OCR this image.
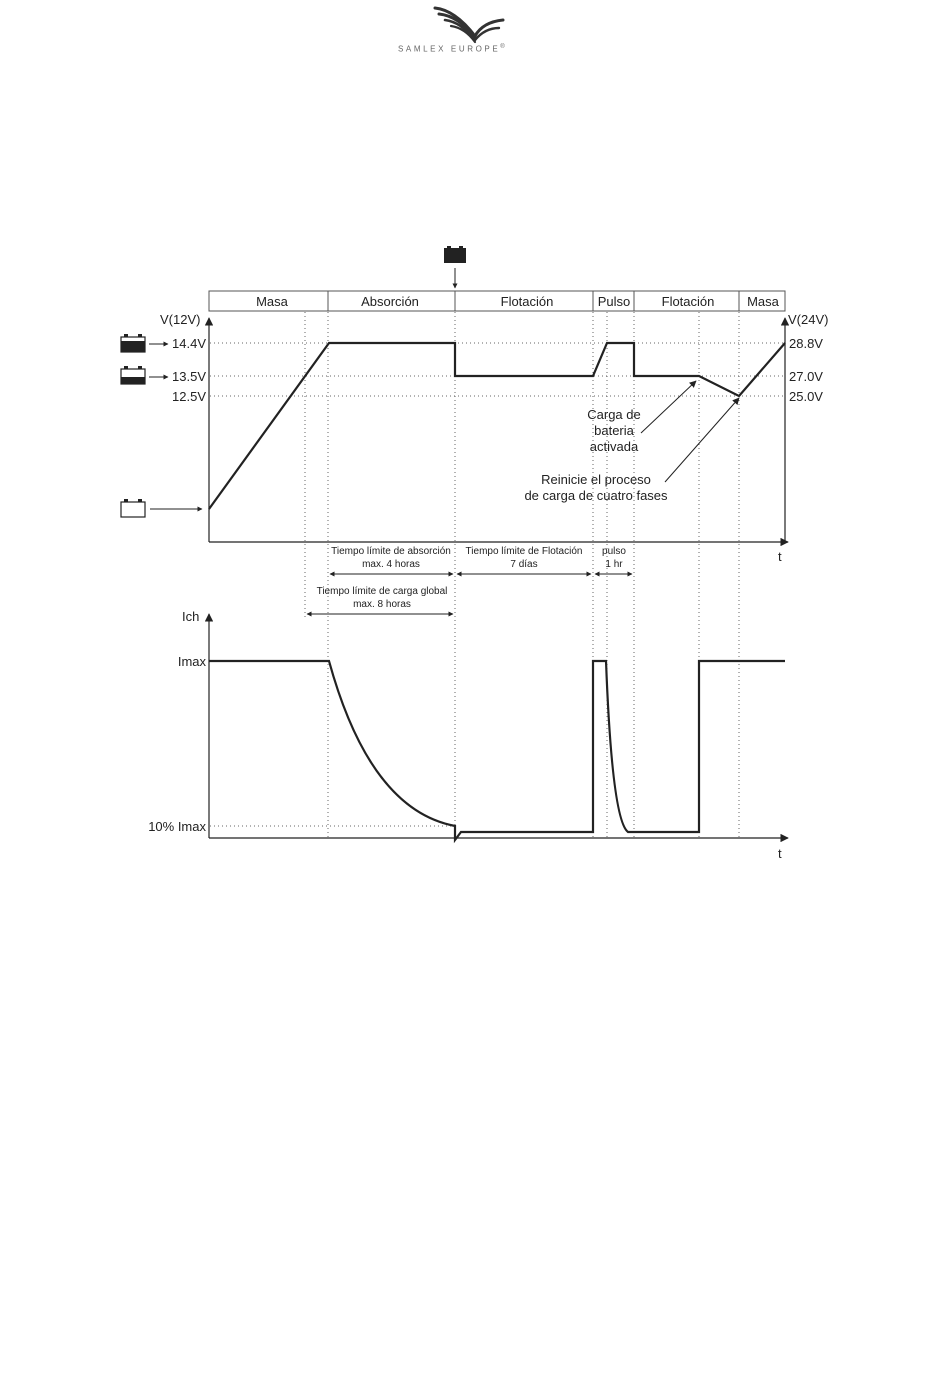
SAMLEX EUROPE®
Masa	Absorción	Flotación	Pulso Flotación	Masa
V(12V)	V(24V)
t
14.4V
13.5V
12.5V
28.8V
27.0V
25.0V
Carga de
bateria
activada
Reinicie el proceso
de carga de cuatro fases
Tiempo límite de absorción
max. 4 horas
Tiempo límite de Flotación
7 días
pulso
1 hr
Tiempo límite de carga global
max. 8 horas
Ich
t
Imax
10% Imax
